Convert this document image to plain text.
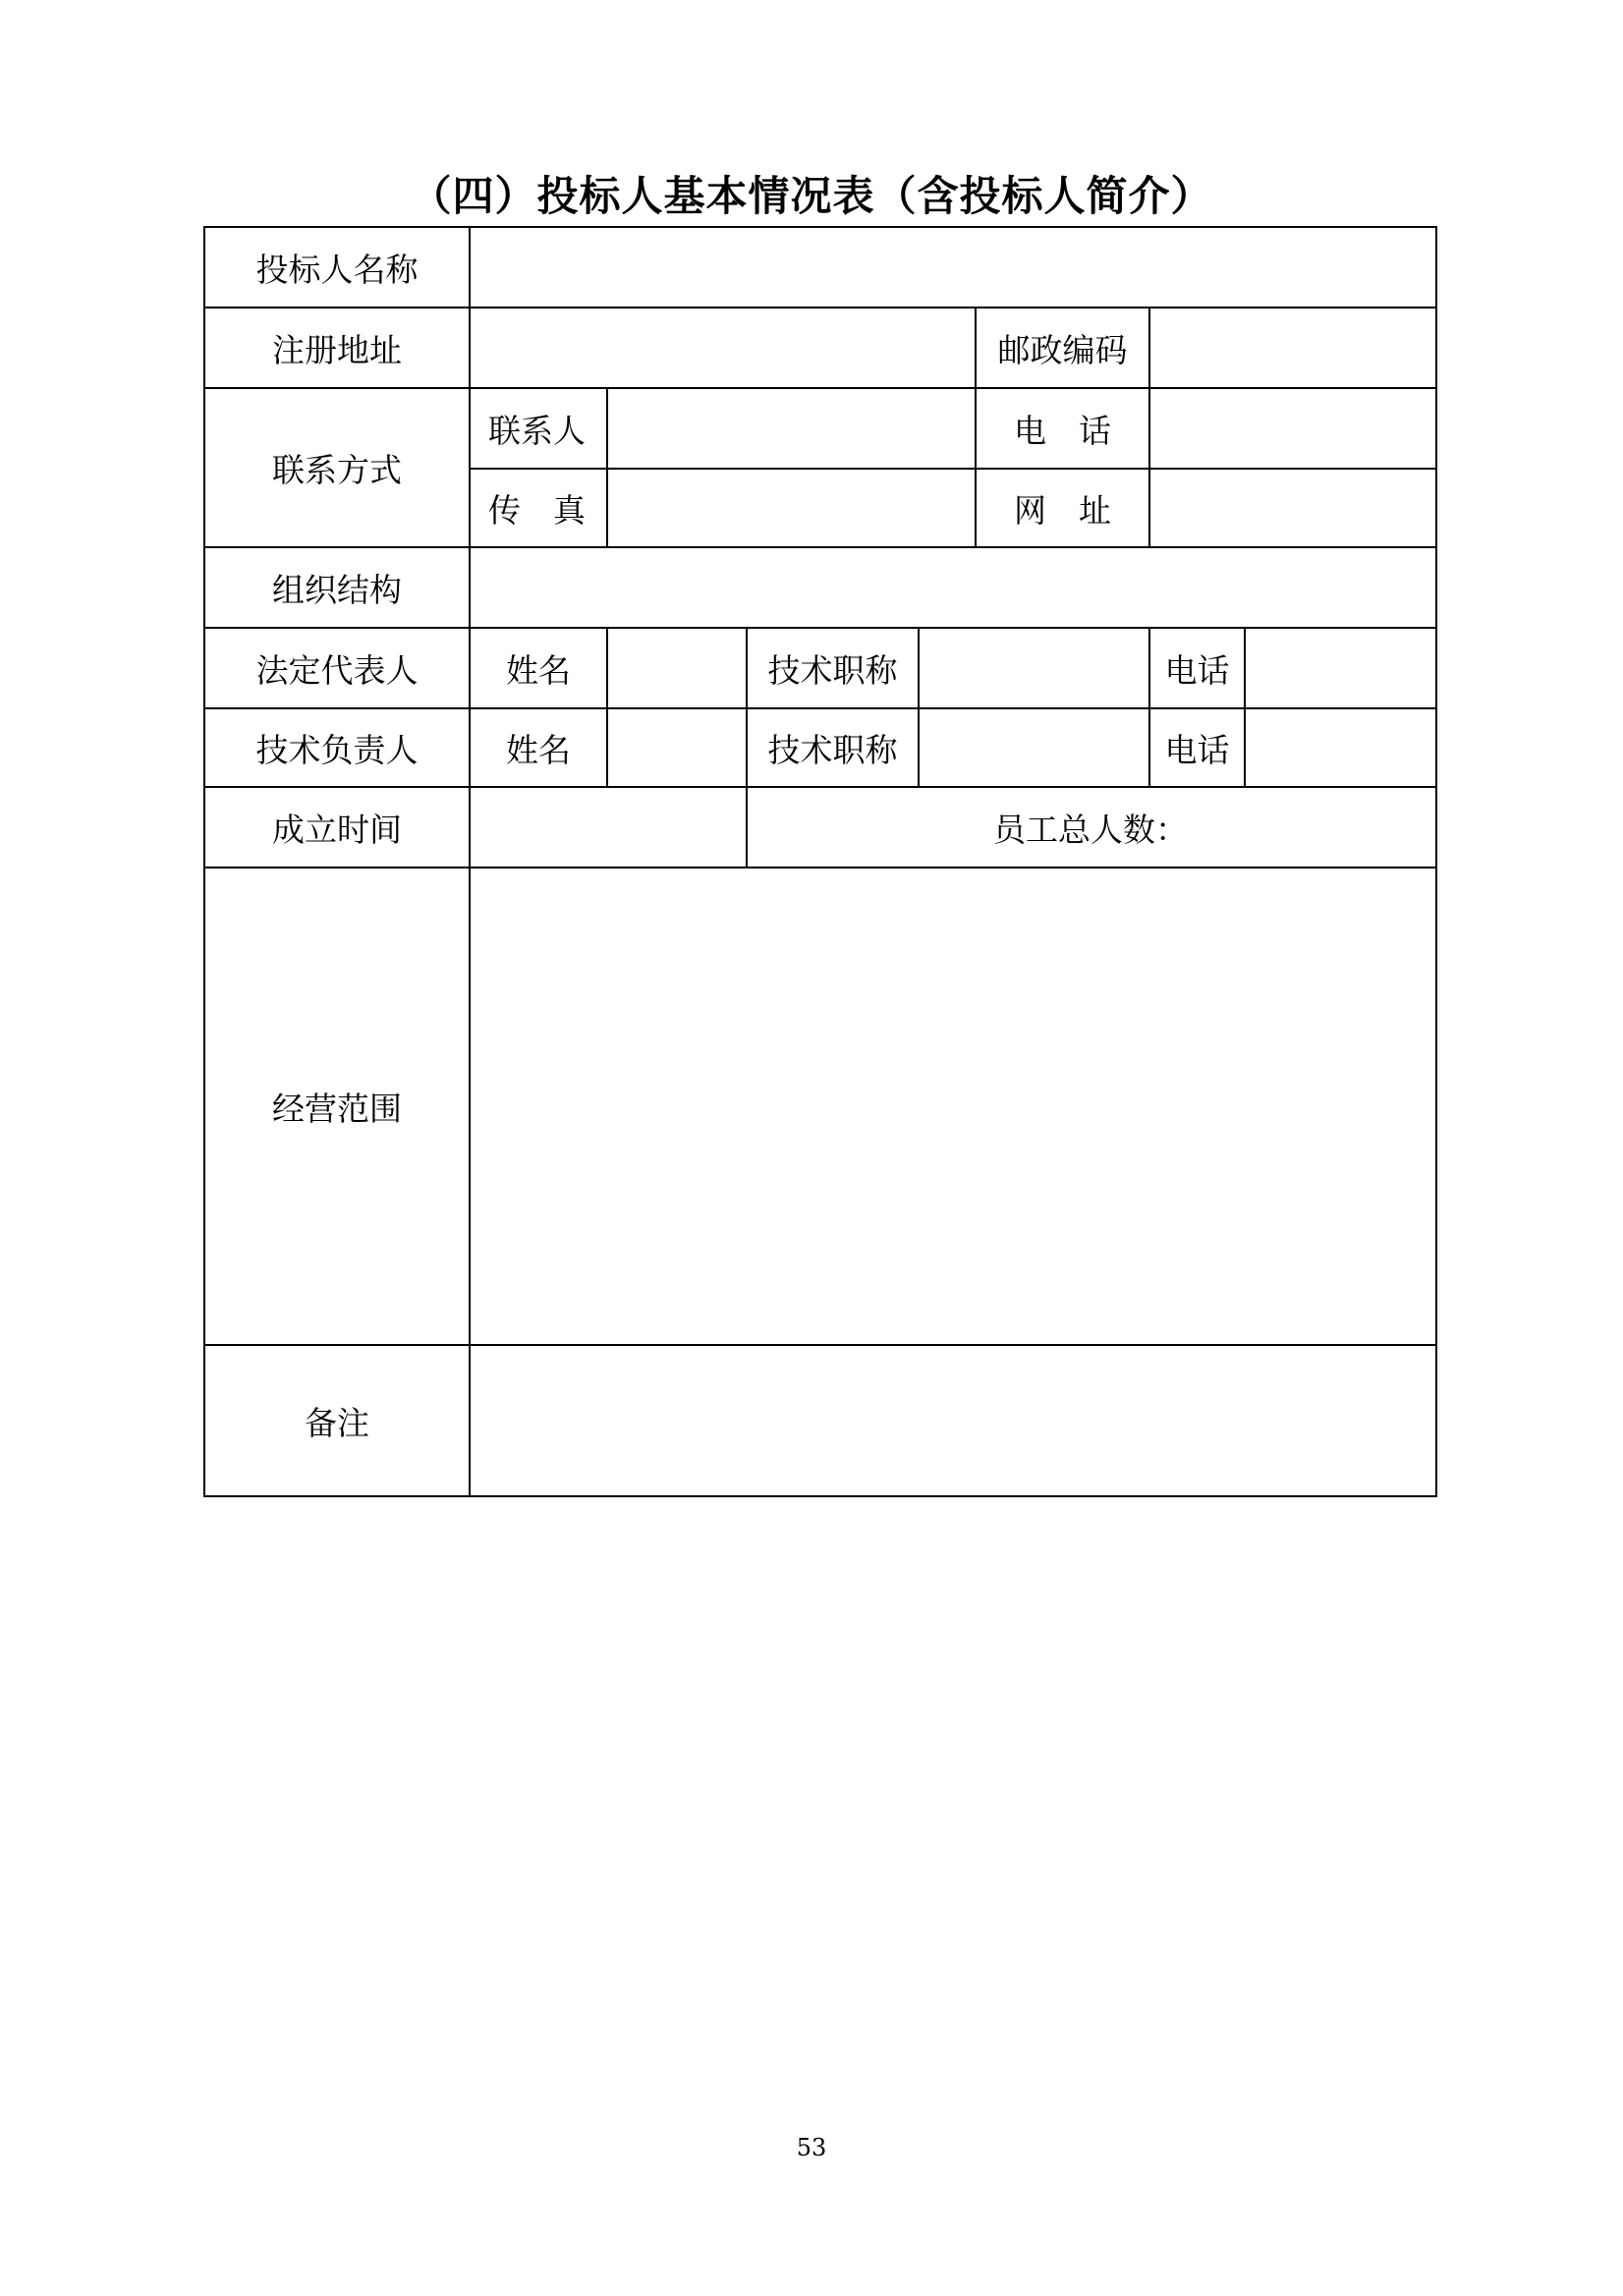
（四）投标人基本情况表（含投标人简介）
投标人名称							
注册地址					邮政编码		
联系方式	联系人				电　话		
	传　真				网　址		
组织结构							
法定代表人	姓名		技术职称			电话	
技术负责人	姓名		技术职称			电话	
成立时间			员工总人数：				
经营范围							
备注							
53
